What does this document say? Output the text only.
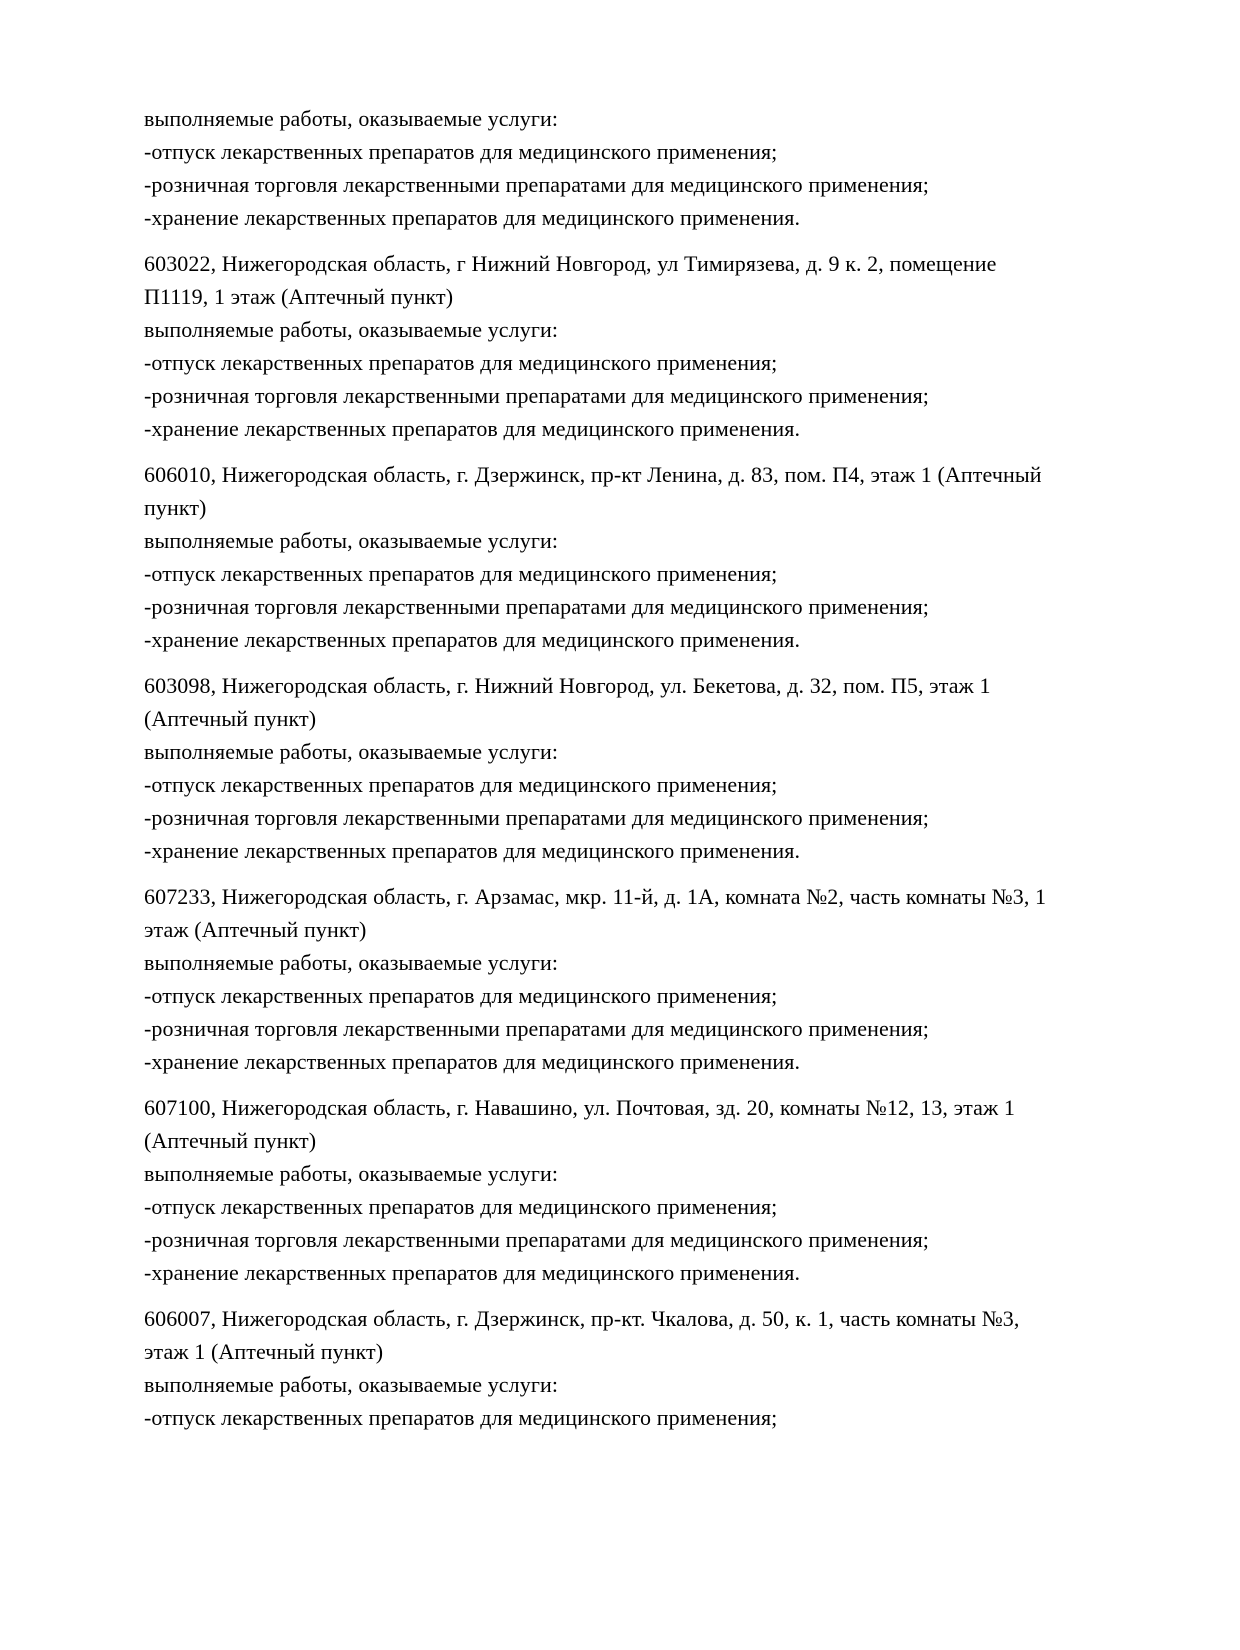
выполняемые работы, оказываемые услуги:
-отпуск лекарственных препаратов для медицинского применения;
-розничная торговля лекарственными препаратами для медицинского применения;
-хранение лекарственных препаратов для медицинского применения.
603022, Нижегородская область, г Нижний Новгород, ул Тимирязева, д. 9 к. 2, помещение
П1119, 1 этаж (Аптечный пункт)
выполняемые работы, оказываемые услуги:
-отпуск лекарственных препаратов для медицинского применения;
-розничная торговля лекарственными препаратами для медицинского применения;
-хранение лекарственных препаратов для медицинского применения.
606010, Нижегородская область, г. Дзержинск, пр-кт Ленина, д. 83, пом. П4, этаж 1 (Аптечный
пункт)
выполняемые работы, оказываемые услуги:
-отпуск лекарственных препаратов для медицинского применения;
-розничная торговля лекарственными препаратами для медицинского применения;
-хранение лекарственных препаратов для медицинского применения.
603098, Нижегородская область, г. Нижний Новгород, ул. Бекетова, д. 32, пом. П5, этаж 1
(Аптечный пункт)
выполняемые работы, оказываемые услуги:
-отпуск лекарственных препаратов для медицинского применения;
-розничная торговля лекарственными препаратами для медицинского применения;
-хранение лекарственных препаратов для медицинского применения.
607233, Нижегородская область, г. Арзамас, мкр. 11-й, д. 1А, комната №2, часть комнаты №3, 1
этаж (Аптечный пункт)
выполняемые работы, оказываемые услуги:
-отпуск лекарственных препаратов для медицинского применения;
-розничная торговля лекарственными препаратами для медицинского применения;
-хранение лекарственных препаратов для медицинского применения.
607100, Нижегородская область, г. Навашино, ул. Почтовая, зд. 20, комнаты №12, 13, этаж 1
(Аптечный пункт)
выполняемые работы, оказываемые услуги:
-отпуск лекарственных препаратов для медицинского применения;
-розничная торговля лекарственными препаратами для медицинского применения;
-хранение лекарственных препаратов для медицинского применения.
606007, Нижегородская область, г. Дзержинск, пр-кт. Чкалова, д. 50, к. 1, часть комнаты №3,
этаж 1 (Аптечный пункт)
выполняемые работы, оказываемые услуги:
-отпуск лекарственных препаратов для медицинского применения;
